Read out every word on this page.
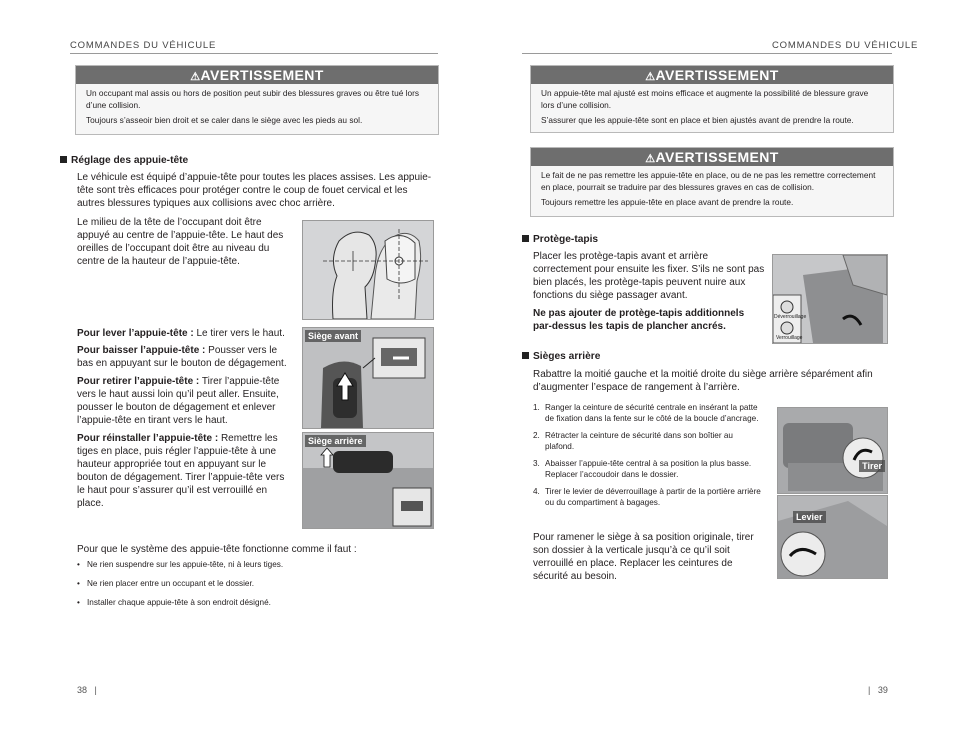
COMMANDES DU VÉHICULE
⚠AVERTISSEMENT

Un occupant mal assis ou hors de position peut subir des blessures graves ou être tué lors d’une collision.

Toujours s’asseoir bien droit et se caler dans le siège avec les pieds au sol.

Réglage des appuie-tête
Le véhicule est équipé d’appuie-tête pour toutes les places assises. Les appuie-tête sont très efficaces pour protéger contre le coup de fouet cervical et les autres blessures typiques aux collisions avec choc arrière.
Le milieu de la tête de l’occupant doit être appuyé au centre de l’appuie-tête. Le haut des oreilles de l’occupant doit être au niveau du centre de la hauteur de l’appuie-tête.
Pour lever l’appuie-tête : Le tirer vers le haut.
Pour baisser l’appuie-tête : Pousser vers le bas en appuyant sur le bouton de dégagement.
Pour retirer l’appuie-tête : Tirer l’appuie-tête vers le haut aussi loin qu’il peut aller. Ensuite, pousser le bouton de dégagement et enlever l’appuie-tête en tirant vers le haut.
Pour réinstaller l’appuie-tête : Remettre les tiges en place, puis régler l’appuie-tête à une hauteur appropriée tout en appuyant sur le bouton de dégagement. Tirer l’appuie-tête vers le haut pour s’assurer qu’il est verrouillé en place.
Siège avant
Siège arrière
Pour que le système des appuie-tête fonctionne comme il faut :
• Ne rien suspendre sur les appuie-tête, ni à leurs tiges.
• Ne rien placer entre un occupant et le dossier.
• Installer chaque appuie-tête à son endroit désigné.
38 |
COMMANDES DU VÉHICULE
⚠AVERTISSEMENT

Un appuie-tête mal ajusté est moins efficace et augmente la possibilité de blessure grave lors d’une collision.

S’assurer que les appuie-tête sont en place et bien ajustés avant de prendre la route.

⚠AVERTISSEMENT

Le fait de ne pas remettre les appuie-tête en place, ou de ne pas les remettre correctement en place, pourrait se traduire par des blessures graves en cas de collision.

Toujours remettre les appuie-tête en place avant de prendre la route.

Protège-tapis
Placer les protège-tapis avant et arrière correctement pour ensuite les fixer. S’ils ne sont pas bien placés, les protège-tapis peuvent nuire aux fonctions du siège passager avant.
Ne pas ajouter de protège-tapis additionnels par-dessus les tapis de plancher ancrés.
Déverrouillage
Verrouillage
Sièges arrière
Rabattre la moitié gauche et la moitié droite du siège arrière séparément afin d’augmenter l’espace de rangement à l’arrière.
1. Ranger la ceinture de sécurité centrale en insérant la patte de fixation dans la fente sur le côté de la boucle d’ancrage.
2. Rétracter la ceinture de sécurité dans son boîtier au plafond.
3. Abaisser l’appuie-tête central à sa position la plus basse. Replacer l’accoudoir dans le dossier.
4. Tirer le levier de déverrouillage à partir de la portière arrière ou du compartiment à bagages.
Pour ramener le siège à sa position originale, tirer son dossier à la verticale jusqu’à ce qu’il soit verrouillé en place. Replacer les ceintures de sécurité au besoin.
Tirer
Levier
| 39
